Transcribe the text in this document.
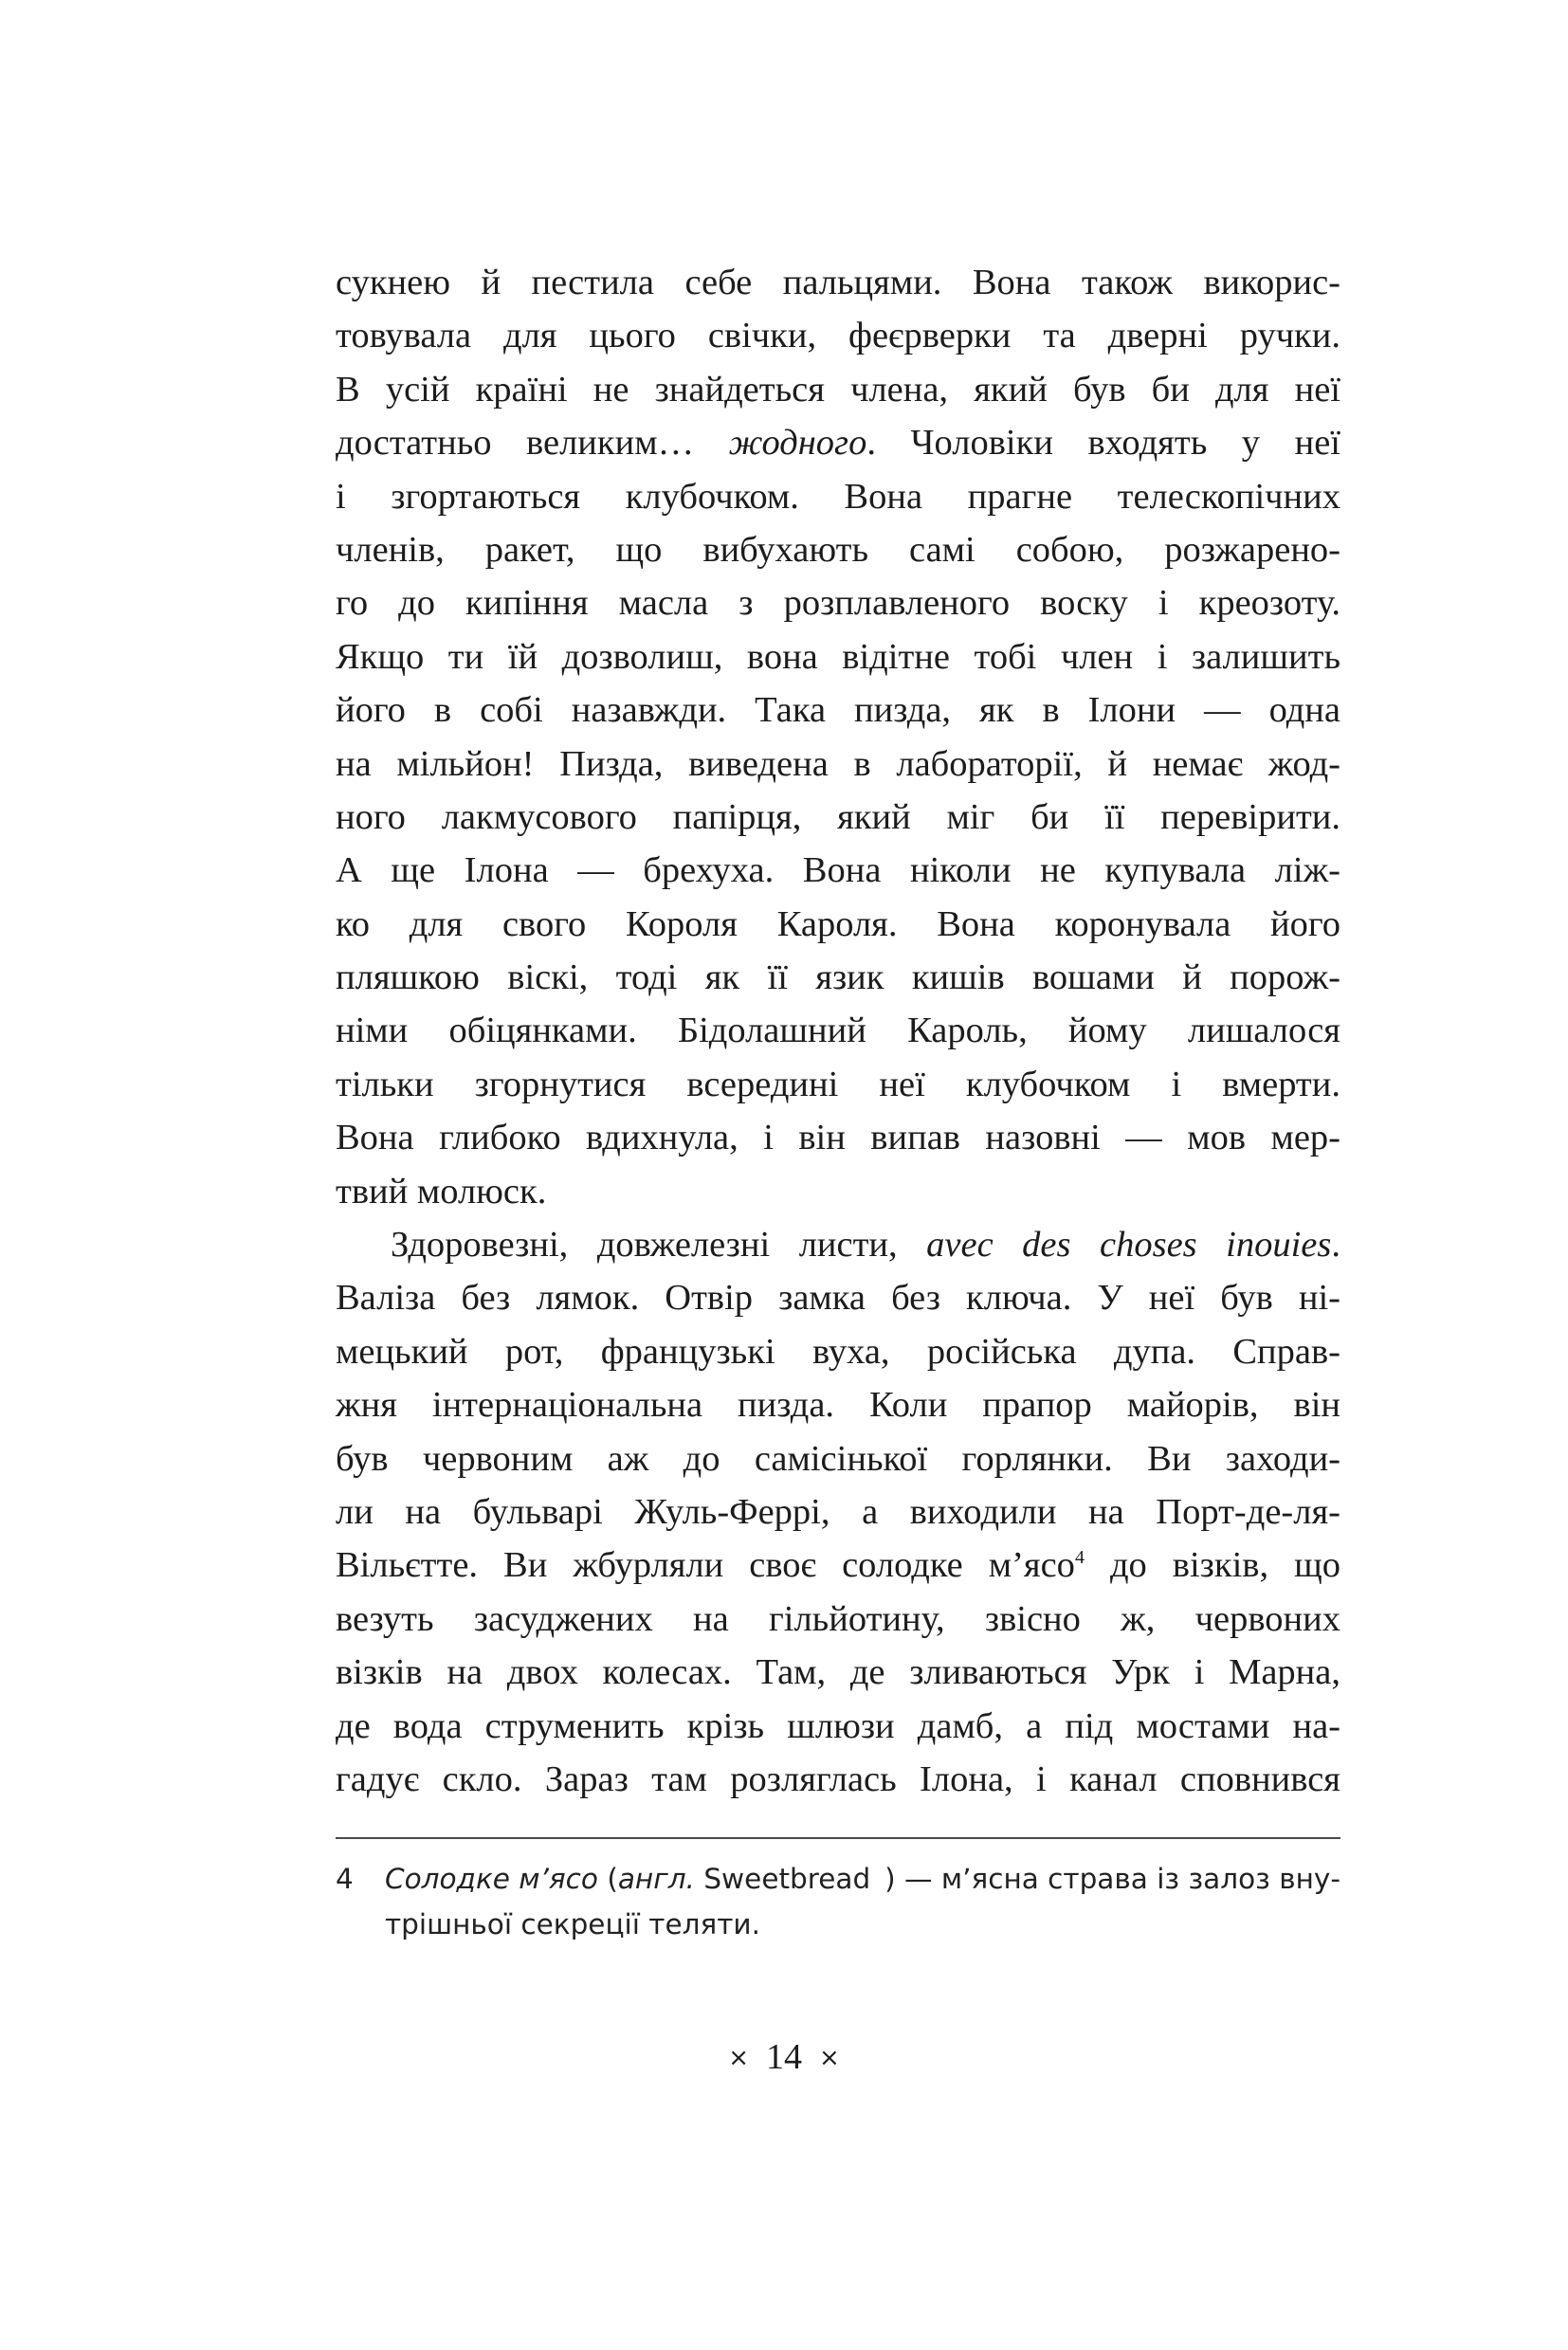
сукнею й пестила себе пальцями. Вона також викорис-
товувала для цього свічки, феєрверки та дверні ручки.
В усій країні не знайдеться члена, який був би для неї
достатньо великим… жодного. Чоловіки входять у неї
і згортаються клубочком. Вона прагне телескопічних
членів, ракет, що вибухають самі собою, розжарено-
го до кипіння масла з розплавленого воску і креозоту.
Якщо ти їй дозволиш, вона відітне тобі член і залишить
його в собі назавжди. Така пизда, як в Ілони — одна
на мільйон! Пизда, виведена в лабораторії, й немає жод-
ного лакмусового папірця, який міг би її перевірити.
А ще Ілона — брехуха. Вона ніколи не купувала ліж-
ко для свого Короля Кароля. Вона коронувала його
пляшкою віскі, тоді як її язик кишів вошами й порож-
німи обіцянками. Бідолашний Кароль, йому лишалося
тільки згорнутися всередині неї клубочком і вмерти.
Вона глибоко вдихнула, і він випав назовні — мов мер-
твий молюск.
Здоровезні, довжелезні листи, avec des choses inouies.
Валіза без лямок. Отвір замка без ключа. У неї був ні-
мецький рот, французькі вуха, російська дупа. Справ-
жня інтернаціональна пизда. Коли прапор майорів, він
був червоним аж до самісінької горлянки. Ви заходи-
ли на бульварі Жуль-Феррі, а виходили на Порт-де-ля-
Вільєтте. Ви жбурляли своє солодке м’ясо$^4$ до візків, що
везуть засуджених на гільйотину, звісно ж, червоних
візків на двох колесах. Там, де зливаються Урк і Марна,
де вода струменить крізь шлюзи дамб, а під мостами на-
гадує скло. Зараз там розляглась Ілона, і канал сповнився
4 Солодке м’ясо (англ. Sweetbread ) — м’ясна страва із залоз вну-
трішньої секреції теляти.
× 14 ×
